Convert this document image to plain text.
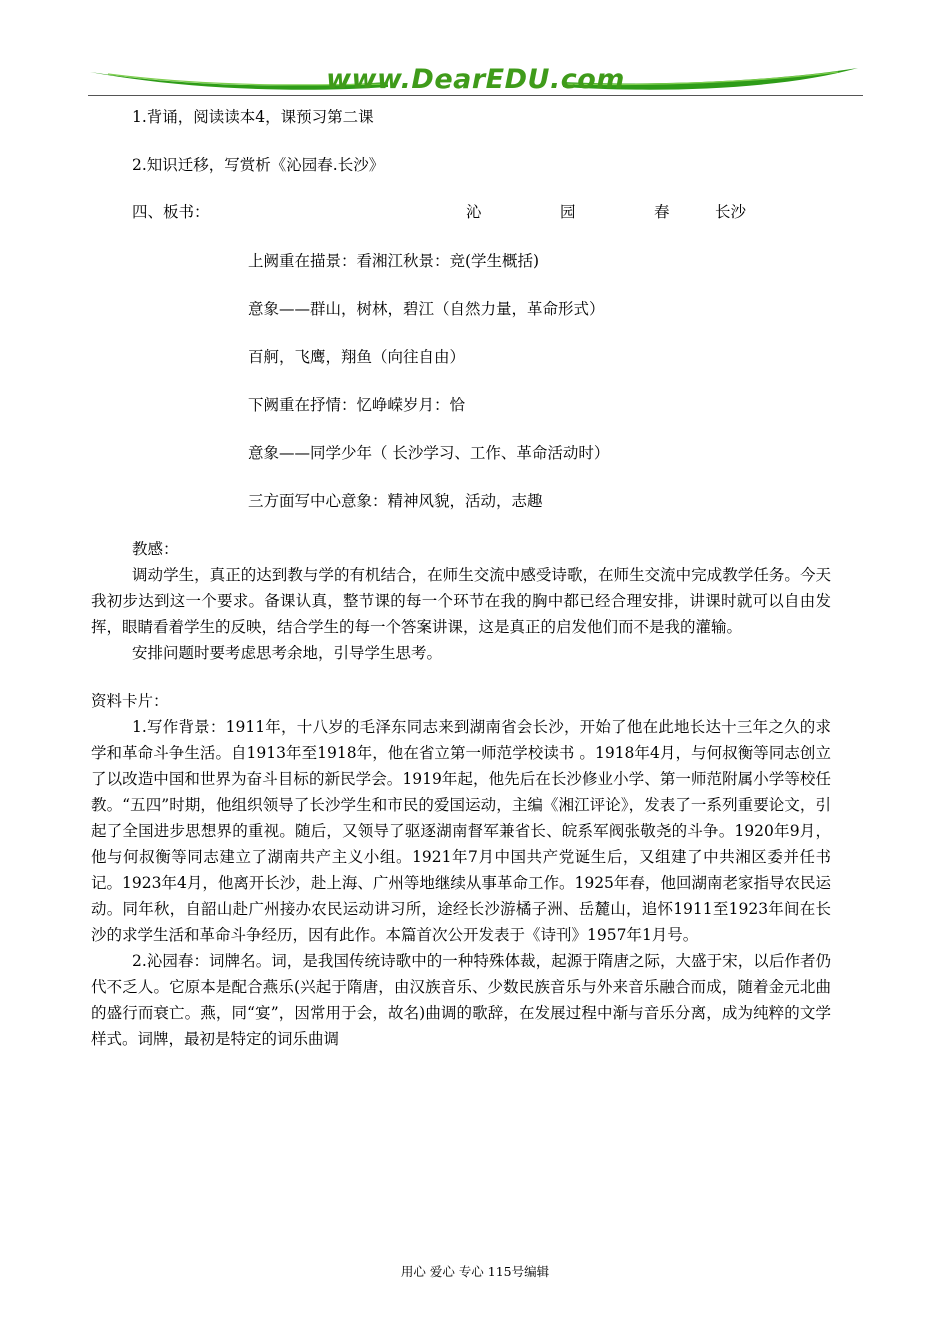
www.DearEDU.com

1.背诵，阅读读本4，课预习第二课

2.知识迁移，写赏析《沁园春.长沙》

四、板书：	沁	园	春	长沙

上阙重在描景：看湘江秋景：竞(学生概括)

意象——群山，树林，碧江（自然力量，革命形式）

百舸，飞鹰，翔鱼（向往自由）

下阙重在抒情：忆峥嵘岁月：恰

意象——同学少年（ 长沙学习、工作、革命活动时）

三方面写中心意象：精神风貌，活动，志趣

教感：

调动学生，真正的达到教与学的有机结合，在师生交流中感受诗歌，在师生交流中完成教学任务。今天我初步达到这一个要求。备课认真，整节课的每一个环节在我的胸中都已经合理安排，讲课时就可以自由发挥，眼睛看着学生的反映，结合学生的每一个答案讲课，这是真正的启发他们而不是我的灌输。

安排问题时要考虑思考余地，引导学生思考。

资料卡片：

1.写作背景：1911年，十八岁的毛泽东同志来到湖南省会长沙，开始了他在此地长达十三年之久的求学和革命斗争生活。自1913年至1918年，他在省立第一师范学校读书 。1918年4月，与何叔衡等同志创立了以改造中国和世界为奋斗目标的新民学会。1919年起，他先后在长沙修业小学、第一师范附属小学等校任教。“五四”时期，他组织领导了长沙学生和市民的爱国运动，主编《湘江评论》，发表了一系列重要论文，引起了全国进步思想界的重视。随后，又领导了驱逐湖南督军兼省长、皖系军阀张敬尧的斗争。1920年9月，他与何叔衡等同志建立了湖南共产主义小组。1921年7月中国共产党诞生后，又组建了中共湘区委并任书记。1923年4月，他离开长沙，赴上海、广州等地继续从事革命工作。1925年春，他回湖南老家指导农民运动。同年秋，自韶山赴广州接办农民运动讲习所，途经长沙游橘子洲、岳麓山，追怀1911至1923年间在长沙的求学生活和革命斗争经历，因有此作。本篇首次公开发表于《诗刊》1957年1月号。

2.沁园春：词牌名。词，是我国传统诗歌中的一种特殊体裁，起源于隋唐之际，大盛于宋，以后作者仍代不乏人。它原本是配合燕乐(兴起于隋唐，由汉族音乐、少数民族音乐与外来音乐融合而成，随着金元北曲的盛行而衰亡。燕，同“宴”，因常用于会，故名)曲调的歌辞，在发展过程中渐与音乐分离，成为纯粹的文学样式。词牌，最初是特定的词乐曲调

用心 爱心 专心 115号编辑
